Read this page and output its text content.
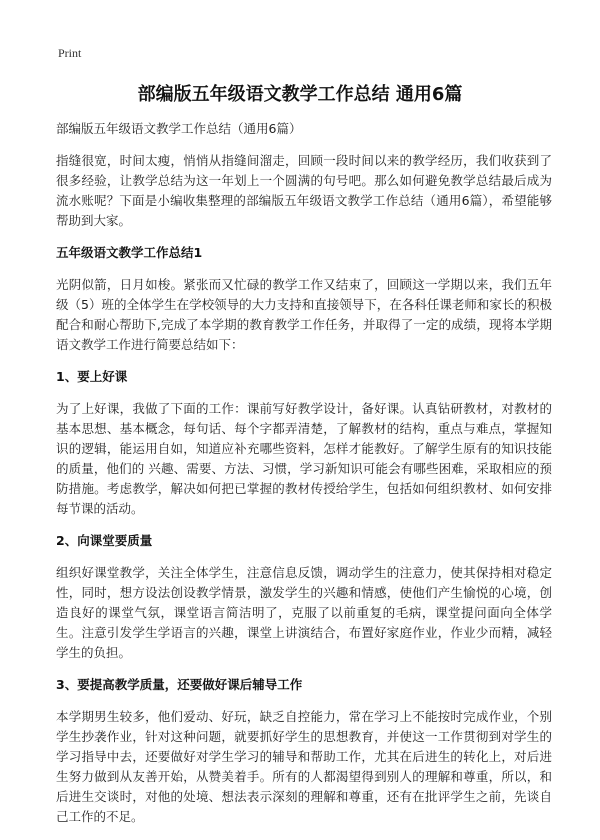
Print
部编版五年级语文教学工作总结 通用6篇
部编版五年级语文教学工作总结（通用6篇）

指缝很宽，时间太瘦，悄悄从指缝间溜走，回顾一段时间以来的教学经历，我们收获到了很多经验，让教学总结为这一年划上一个圆满的句号吧。那么如何避免教学总结最后成为流水账呢？下面是小编收集整理的部编版五年级语文教学工作总结（通用6篇），希望能够帮助到大家。

五年级语文教学工作总结1

光阴似箭，日月如梭。紧张而又忙碌的教学工作又结束了，回顾这一学期以来，我们五年级（5）班的全体学生在学校领导的大力支持和直接领导下，在各科任课老师和家长的积极配合和耐心帮助下,完成了本学期的教育教学工作任务，并取得了一定的成绩，现将本学期语文教学工作进行简要总结如下：

1、要上好课

为了上好课，我做了下面的工作：课前写好教学设计，备好课。认真钻研教材，对教材的基本思想、基本概念，每句话、每个字都弄清楚，了解教材的结构，重点与难点，掌握知识的逻辑，能运用自如，知道应补充哪些资料，怎样才能教好。了解学生原有的知识技能的质量，他们的 兴趣、需要、方法、习惯，学习新知识可能会有哪些困难，采取相应的预防措施。考虑教学，解决如何把已掌握的教材传授给学生，包括如何组织教材、如何安排每节课的活动。

2、向课堂要质量

组织好课堂教学，关注全体学生，注意信息反馈，调动学生的注意力，使其保持相对稳定性，同时，想方设法创设教学情景，激发学生的兴趣和情感，使他们产生愉悦的心境，创造良好的课堂气氛，课堂语言简洁明了，克服了以前重复的毛病，课堂提问面向全体学生。注意引发学生学语言的兴趣，课堂上讲演结合，布置好家庭作业，作业少而精，减轻学生的负担。

3、要提高教学质量，还要做好课后辅导工作

本学期男生较多，他们爱动、好玩，缺乏自控能力，常在学习上不能按时完成作业，个别学生抄袭作业，针对这种问题，就要抓好学生的思想教育，并使这一工作贯彻到对学生的学习指导中去，还要做好对学生学习的辅导和帮助工作，尤其在后进生的转化上，对后进生努力做到从友善开始，从赞美着手。所有的人都渴望得到别人的理解和尊重，所以，和后进生交谈时，对他的处境、想法表示深刻的理解和尊重，还有在批评学生之前，先谈自己工作的不足。
